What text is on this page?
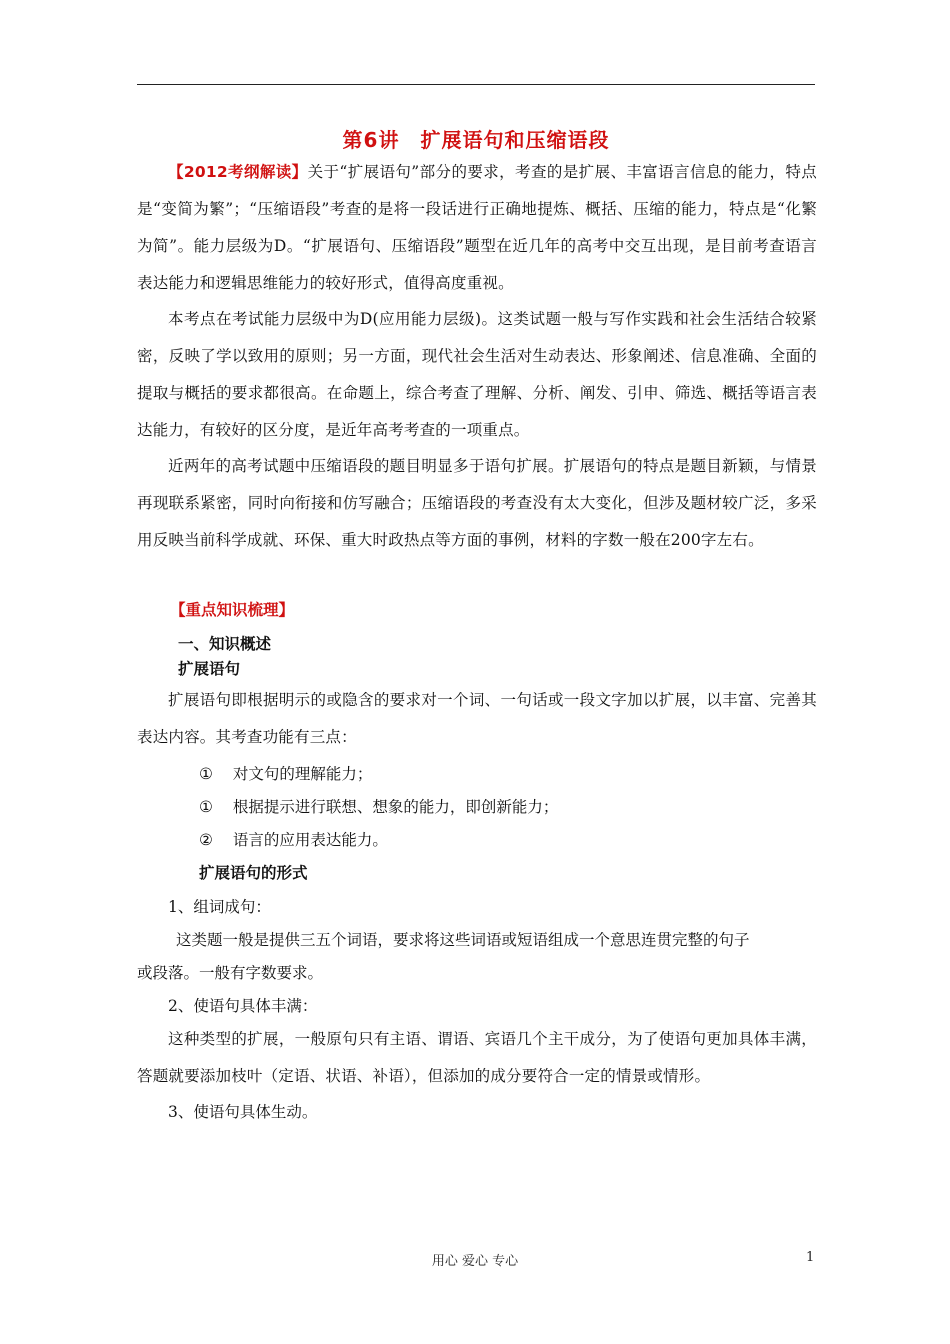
第6讲　扩展语句和压缩语段
【2012考纲解读】关于“扩展语句”部分的要求，考查的是扩展、丰富语言信息的能力，特点是“变简为繁”；“压缩语段”考查的是将一段话进行正确地提炼、概括、压缩的能力，特点是“化繁为简”。能力层级为D。“扩展语句、压缩语段”题型在近几年的高考中交互出现，是目前考查语言表达能力和逻辑思维能力的较好形式，值得高度重视。
本考点在考试能力层级中为D(应用能力层级)。这类试题一般与写作实践和社会生活结合较紧密，反映了学以致用的原则；另一方面，现代社会生活对生动表达、形象阐述、信息准确、全面的提取与概括的要求都很高。在命题上，综合考查了理解、分析、阐发、引申、筛选、概括等语言表达能力，有较好的区分度，是近年高考考查的一项重点。
近两年的高考试题中压缩语段的题目明显多于语句扩展。扩展语句的特点是题目新颖，与情景再现联系紧密，同时向衔接和仿写融合；压缩语段的考查没有太大变化，但涉及题材较广泛，多采用反映当前科学成就、环保、重大时政热点等方面的事例，材料的字数一般在200字左右。
【重点知识梳理】
一、知识概述
扩展语句
扩展语句即根据明示的或隐含的要求对一个词、一句话或一段文字加以扩展，以丰富、完善其表达内容。其考查功能有三点：
① 对文句的理解能力；
① 根据提示进行联想、想象的能力，即创新能力；
② 语言的应用表达能力。
扩展语句的形式
1、组词成句：
这类题一般是提供三五个词语，要求将这些词语或短语组成一个意思连贯完整的句子
或段落。一般有字数要求。
2、使语句具体丰满：
这种类型的扩展，一般原句只有主语、谓语、宾语几个主干成分，为了使语句更加具体丰满，答题就要添加枝叶（定语、状语、补语），但添加的成分要符合一定的情景或情形。
3、使语句具体生动。
用心 爱心 专心	1
